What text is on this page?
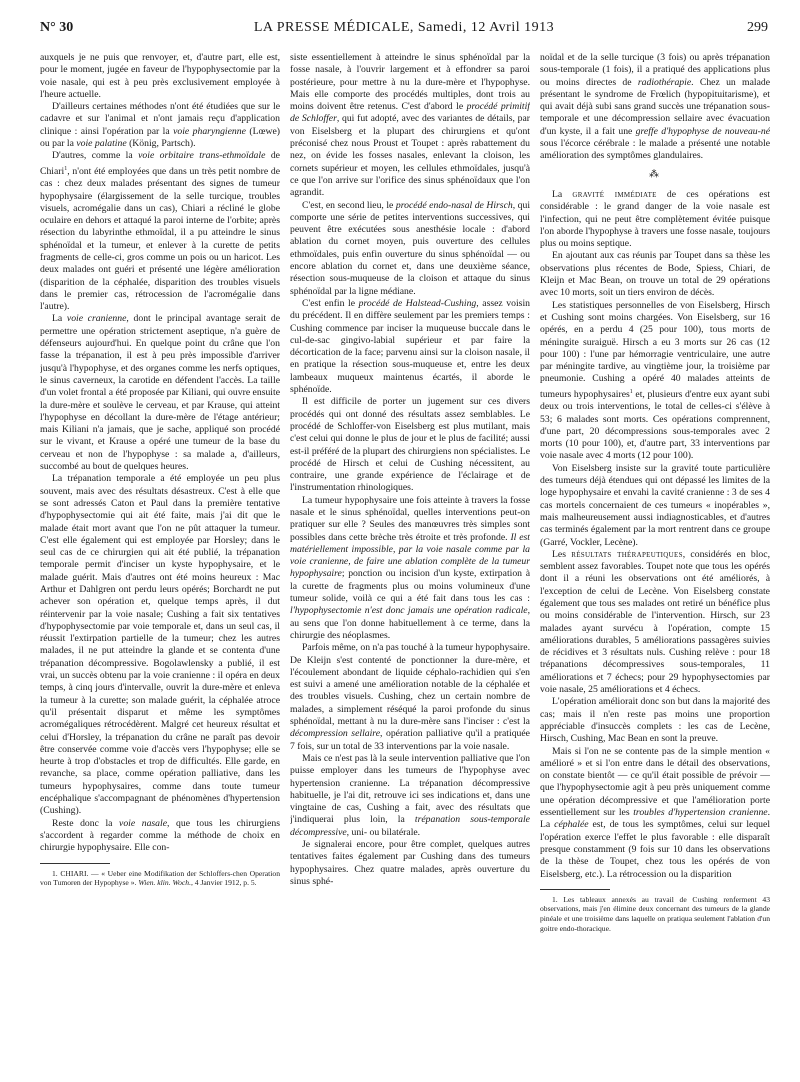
N° 30	LA PRESSE MÉDICALE, Samedi, 12 Avril 1913	299

auxquels je ne puis que renvoyer, et, d'autre part, elle est, pour le moment, jugée en faveur de l'hypophysectomie par la voie nasale, qui est à peu près exclusivement employée à l'heure actuelle.

D'ailleurs certaines méthodes n'ont été étudiées que sur le cadavre et sur l'animal et n'ont jamais reçu d'application clinique : ainsi l'opération par la voie pharyngienne (Lœwe) ou par la voie palatine (König, Partsch).

D'autres, comme la voie orbitaire trans-ethmoïdale de Chiari$^1$, n'ont été employées que dans un très petit nombre de cas : chez deux malades présentant des signes de tumeur hypophysaire (élargissement de la selle turcique, troubles visuels, acromégalie dans un cas), Chiari a récliné le globe oculaire en dehors et attaqué la paroi interne de l'orbite; après résection du labyrinthe ethmoïdal, il a pu atteindre le sinus sphénoïdal et la tumeur, et enlever à la curette de petits fragments de celle-ci, gros comme un pois ou un haricot. Les deux malades ont guéri et présenté une légère amélioration (disparition de la céphalée, disparition des troubles visuels dans le premier cas, rétrocession de l'acromégalie dans l'autre).

La voie cranienne, dont le principal avantage serait de permettre une opération strictement aseptique, n'a guère de défenseurs aujourd'hui. En quelque point du crâne que l'on fasse la trépanation, il est à peu près impossible d'arriver jusqu'à l'hypophyse, et des organes comme les nerfs optiques, le sinus caverneux, la carotide en défendent l'accès. La taille d'un volet frontal a été proposée par Kiliani, qui ouvre ensuite la dure-mère et soulève le cerveau, et par Krause, qui atteint l'hypophyse en décollant la dure-mère de l'étage antérieur; mais Kiliani n'a jamais, que je sache, appliqué son procédé sur le vivant, et Krause a opéré une tumeur de la base du cerveau et non de l'hypophyse : sa malade a, d'ailleurs, succombé au bout de quelques heures.

La trépanation temporale a été employée un peu plus souvent, mais avec des résultats désastreux. C'est à elle que se sont adressés Caton et Paul dans la première tentative d'hypophysectomie qui ait été faite, mais j'ai dit que le malade était mort avant que l'on ne pût attaquer la tumeur. C'est elle également qui est employée par Horsley; dans le seul cas de ce chirurgien qui ait été publié, la trépanation temporale permit d'inciser un kyste hypophysaire, et le malade guérit. Mais d'autres ont été moins heureux : Mac Arthur et Dahlgren ont perdu leurs opérés; Borchardt ne put achever son opération et, quelque temps après, il dut réintervenir par la voie nasale; Cushing a fait six tentatives d'hypophysectomie par voie temporale et, dans un seul cas, il réussit l'extirpation partielle de la tumeur; chez les autres malades, il ne put atteindre la glande et se contenta d'une trépanation décompressive. Bogolawlensky a publié, il est vrai, un succès obtenu par la voie cranienne : il opéra en deux temps, à cinq jours d'intervalle, ouvrit la dure-mère et enleva la tumeur à la curette; son malade guérit, la céphalée atroce qu'il présentait disparut et même les symptômes acromégaliques rétrocédèrent. Malgré cet heureux résultat et celui d'Horsley, la trépanation du crâne ne paraît pas devoir être conservée comme voie d'accès vers l'hypophyse; elle se heurte à trop d'obstacles et trop de difficultés. Elle garde, en revanche, sa place, comme opération palliative, dans les tumeurs hypophysaires, comme dans toute tumeur encéphalique s'accompagnant de phénomènes d'hypertension (Cushing).

Reste donc la voie nasale, que tous les chirurgiens s'accordent à regarder comme la méthode de choix en chirurgie hypophysaire. Elle con-

1. CHIARI. — « Ueber eine Modifikation der Schloffers-chen Operation von Tumoren der Hypophyse ». Wien. klin. Woch., 4 Janvier 1912, p. 5.

siste essentiellement à atteindre le sinus sphénoïdal par la fosse nasale, à l'ouvrir largement et à effondrer sa paroi postérieure, pour mettre à nu la dure-mère et l'hypophyse. Mais elle comporte des procédés multiples, dont trois au moins doivent être retenus. C'est d'abord le procédé primitif de Schloffer, qui fut adopté, avec des variantes de détails, par von Eiselsberg et la plupart des chirurgiens et qu'ont préconisé chez nous Proust et Toupet : après rabattement du nez, on évide les fosses nasales, enlevant la cloison, les cornets supérieur et moyen, les cellules ethmoïdales, jusqu'à ce que l'on arrive sur l'orifice des sinus sphénoïdaux que l'on agrandit.

C'est, en second lieu, le procédé endo-nasal de Hirsch, qui comporte une série de petites interventions successives, qui peuvent être exécutées sous anesthésie locale : d'abord ablation du cornet moyen, puis ouverture des cellules ethmoïdales, puis enfin ouverture du sinus sphénoïdal — ou encore ablation du cornet et, dans une deuxième séance, résection sous-muqueuse de la cloison et attaque du sinus sphénoïdal par la ligne médiane.

C'est enfin le procédé de Halstead-Cushing, assez voisin du précédent. Il en diffère seulement par les premiers temps : Cushing commence par inciser la muqueuse buccale dans le cul-de-sac gingivo-labial supérieur et par faire la décortication de la face; parvenu ainsi sur la cloison nasale, il en pratique la résection sous-muqueuse et, entre les deux lambeaux muqueux maintenus écartés, il aborde le sphénoïde.

Il est difficile de porter un jugement sur ces divers procédés qui ont donné des résultats assez semblables. Le procédé de Schloffer-von Eiselsberg est plus mutilant, mais c'est celui qui donne le plus de jour et le plus de facilité; aussi est-il préféré de la plupart des chirurgiens non spécialistes. Le procédé de Hirsch et celui de Cushing nécessitent, au contraire, une grande expérience de l'éclairage et de l'instrumentation rhinologiques.

La tumeur hypophysaire une fois atteinte à travers la fosse nasale et le sinus sphénoïdal, quelles interventions peut-on pratiquer sur elle ? Seules des manœuvres très simples sont possibles dans cette brèche très étroite et très profonde. Il est matériellement impossible, par la voie nasale comme par la voie cranienne, de faire une ablation complète de la tumeur hypophysaire; ponction ou incision d'un kyste, extirpation à la curette de fragments plus ou moins volumineux d'une tumeur solide, voilà ce qui a été fait dans tous les cas : l'hypophysectomie n'est donc jamais une opération radicale, au sens que l'on donne habituellement à ce terme, dans la chirurgie des néoplasmes.

Parfois même, on n'a pas touché à la tumeur hypophysaire. De Kleijn s'est contenté de ponctionner la dure-mère, et l'écoulement abondant de liquide céphalo-rachidien qui s'en est suivi a amené une amélioration notable de la céphalée et des troubles visuels. Cushing, chez un certain nombre de malades, a simplement réséqué la paroi profonde du sinus sphénoïdal, mettant à nu la dure-mère sans l'inciser : c'est la décompression sellaire, opération palliative qu'il a pratiquée 7 fois, sur un total de 33 interventions par la voie nasale.

Mais ce n'est pas là la seule intervention palliative que l'on puisse employer dans les tumeurs de l'hypophyse avec hypertension cranienne. La trépanation décompressive habituelle, je l'ai dit, retrouve ici ses indications et, dans une vingtaine de cas, Cushing a fait, avec des résultats que j'indiquerai plus loin, la trépanation sous-temporale décompressive, uni- ou bilatérale.

Je signalerai encore, pour être complet, quelques autres tentatives faites également par Cushing dans des tumeurs hypophysaires. Chez quatre malades, après ouverture du sinus sphé-

noïdal et de la selle turcique (3 fois) ou après trépanation sous-temporale (1 fois), il a pratiqué des applications plus ou moins directes de radiothérapie. Chez un malade présentant le syndrome de Frœlich (hypopituitarisme), et qui avait déjà subi sans grand succès une trépanation sous-temporale et une décompression sellaire avec évacuation d'un kyste, il a fait une greffe d'hypophyse de nouveau-né sous l'écorce cérébrale : le malade a présenté une notable amélioration des symptômes glandulaires.

⁂

La gravité immédiate de ces opérations est considérable : le grand danger de la voie nasale est l'infection, qui ne peut être complètement évitée puisque l'on aborde l'hypophyse à travers une fosse nasale, toujours plus ou moins septique.

En ajoutant aux cas réunis par Toupet dans sa thèse les observations plus récentes de Bode, Spiess, Chiari, de Kleijn et Mac Bean, on trouve un total de 29 opérations avec 10 morts, soit un tiers environ de décès.

Les statistiques personnelles de von Eiselsberg, Hirsch et Cushing sont moins chargées. Von Eiselsberg, sur 16 opérés, en a perdu 4 (25 pour 100), tous morts de méningite suraiguë. Hirsch a eu 3 morts sur 26 cas (12 pour 100) : l'une par hémorragie ventriculaire, une autre par méningite tardive, au vingtième jour, la troisième par pneumonie. Cushing a opéré 40 malades atteints de tumeurs hypophysaires$^1$ et, plusieurs d'entre eux ayant subi deux ou trois interventions, le total de celles-ci s'élève à 53; 6 malades sont morts. Ces opérations comprennent, d'une part, 20 décompressions sous-temporales avec 2 morts (10 pour 100), et, d'autre part, 33 interventions par voie nasale avec 4 morts (12 pour 100).

Von Eiselsberg insiste sur la gravité toute particulière des tumeurs déjà étendues qui ont dépassé les limites de la loge hypophysaire et envahi la cavité cranienne : 3 de ses 4 cas mortels concernaient de ces tumeurs « inopérables », mais malheureusement aussi indiagnosticables, et d'autres cas terminés également par la mort rentrent dans ce groupe (Garré, Vockler, Lecène).

Les résultats thérapeutiques, considérés en bloc, semblent assez favorables. Toupet note que tous les opérés dont il a réuni les observations ont été améliorés, à l'exception de celui de Lecène. Von Eiselsberg constate également que tous ses malades ont retiré un bénéfice plus ou moins considérable de l'intervention. Hirsch, sur 23 malades ayant survécu à l'opération, compte 15 améliorations durables, 5 améliorations passagères suivies de récidives et 3 résultats nuls. Cushing relève : pour 18 trépanations décompressives sous-temporales, 11 améliorations et 7 échecs; pour 29 hypophysectomies par voie nasale, 25 améliorations et 4 échecs.

L'opération améliorait donc son but dans la majorité des cas; mais il n'en reste pas moins une proportion appréciable d'insuccès complets : les cas de Lecène, Hirsch, Cushing, Mac Bean en sont la preuve.

Mais si l'on ne se contente pas de la simple mention « amélioré » et si l'on entre dans le détail des observations, on constate bientôt — ce qu'il était possible de prévoir — que l'hypophysectomie agit à peu près uniquement comme une opération décompressive et que l'amélioration porte essentiellement sur les troubles d'hypertension cranienne. La céphalée est, de tous les symptômes, celui sur lequel l'opération exerce l'effet le plus favorable : elle disparaît presque constamment (9 fois sur 10 dans les observations de la thèse de Toupet, chez tous les opérés de von Eiselsberg, etc.). La rétrocession ou la disparition

1. Les tableaux annexés au travail de Cushing renferment 43 observations, mais j'en élimine deux concernant des tumeurs de la glande pinéale et une troisième dans laquelle on pratiqua seulement l'ablation d'un goitre endo-thoracique.
